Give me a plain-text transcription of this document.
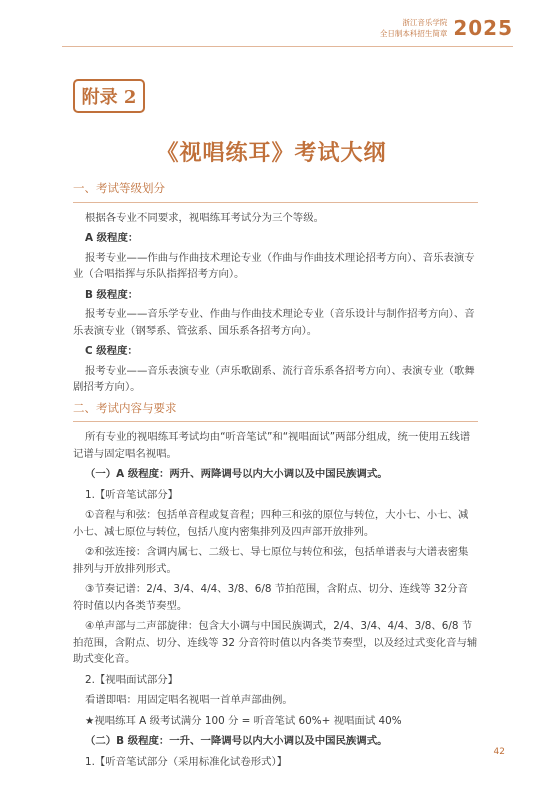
浙江音乐学院
全日制本科招生简章 2025
附录 2
《视唱练耳》考试大纲
一、考试等级划分
根据各专业不同要求，视唱练耳考试分为三个等级。
A 级程度：
报考专业——作曲与作曲技术理论专业（作曲与作曲技术理论招考方向）、音乐表演专业（合唱指挥与乐队指挥招考方向）。
B 级程度：
报考专业——音乐学专业、作曲与作曲技术理论专业（音乐设计与制作招考方向）、音乐表演专业（钢琴系、管弦系、国乐系各招考方向）。
C 级程度：
报考专业——音乐表演专业（声乐歌剧系、流行音乐系各招考方向）、表演专业（歌舞剧招考方向）。
二、考试内容与要求
所有专业的视唱练耳考试均由“听音笔试”和“视唱面试”两部分组成，统一使用五线谱记谱与固定唱名视唱。
（一）A 级程度：两升、两降调号以内大小调以及中国民族调式。
1.【听音笔试部分】
①音程与和弦：包括单音程或复音程；四种三和弦的原位与转位，大小七、小七、减小七、减七原位与转位，包括八度内密集排列及四声部开放排列。
②和弦连接：含调内属七、二级七、导七原位与转位和弦，包括单谱表与大谱表密集排列与开放排列形式。
③节奏记谱：2/4、3/4、4/4、3/8、6/8 节拍范围，含附点、切分、连线等 32分音符时值以内各类节奏型。
④单声部与二声部旋律：包含大小调与中国民族调式，2/4、3/4、4/4、3/8、6/8 节拍范围，含附点、切分、连线等 32 分音符时值以内各类节奏型，以及经过式变化音与辅助式变化音。
2.【视唱面试部分】
看谱即唱：用固定唱名视唱一首单声部曲例。
★视唱练耳 A 级考试满分 100 分 = 听音笔试 60%+ 视唱面试 40%
（二）B 级程度：一升、一降调号以内大小调以及中国民族调式。
1.【听音笔试部分（采用标准化试卷形式）】
42
